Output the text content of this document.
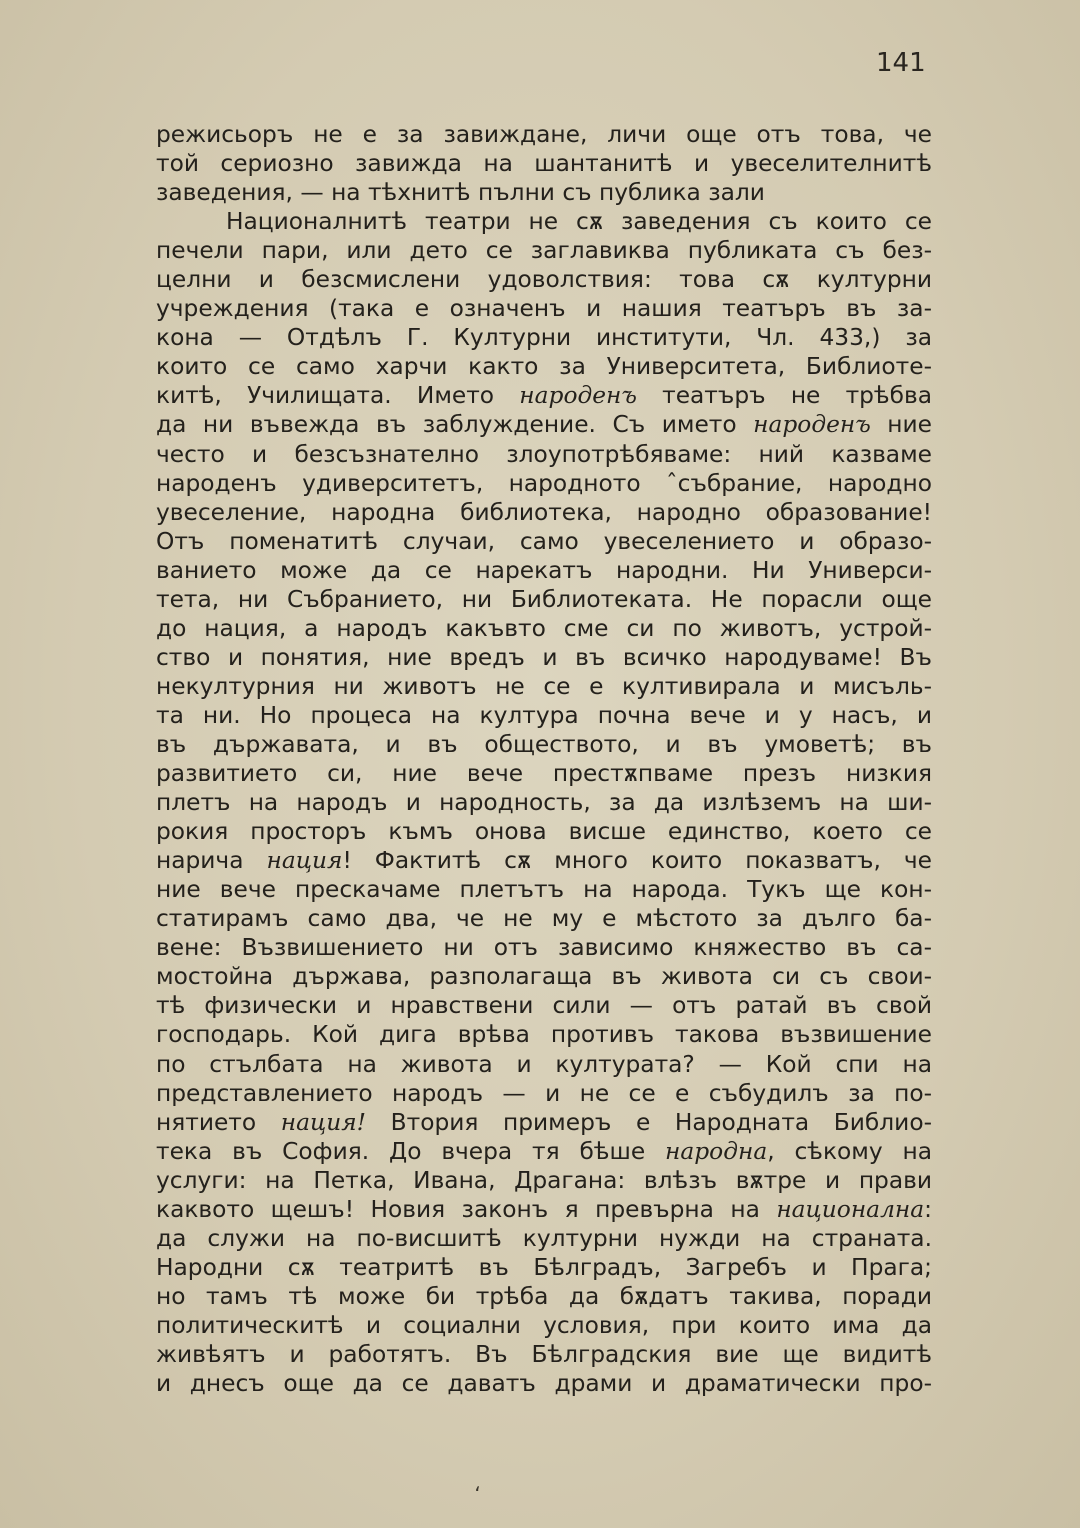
141
режисьоръ не е за завиждане, личи още отъ това, че
той сериозно завижда на шантанитѣ и увеселителнитѣ
заведения, — на тѣхнитѣ пълни съ публика зали
Националнитѣ театри не сѫ заведения съ които се
печели пари, или дето се заглавиква публиката съ без-
целни и безсмислени удоволствия: това сѫ културни
учреждения (така е означенъ и нашия театъръ въ за-
кона — Отдѣлъ Г. Културни институти, Чл. 433,) за
които се само харчи както за Университета, Библиоте-
китѣ, Училищата. Името народенъ театъръ не трѣбва
да ни въвежда въ заблуждение. Съ името народенъ ние
често и безсъзнателно злоупотрѣбяваме: ний казваме
народенъ удиверситетъ, народното ˆсъбрание, народно
увеселение, народна библиотека, народно образование!
Отъ поменатитѣ случаи, само увеселението и образо-
ванието може да се нарекатъ народни. Ни Универси-
тета, ни Събранието, ни Библиотеката. Не порасли още
до нация, а народъ какъвто сме си по животъ, устрой-
ство и понятия, ние вредъ и въ всичко народуваме! Въ
некултурния ни животъ не се е култивирала и мисъль-
та ни. Но процеса на култура почна вече и у насъ, и
въ държавата, и въ обществото, и въ умоветѣ; въ
развитието си, ние вече престѫпваме презъ низкия
плетъ на народъ и народность, за да излѣземъ на ши-
рокия просторъ къмъ онова висше единство, което се
нарича нация! Фактитѣ сѫ много които показватъ, че
ние вече прескачаме плетътъ на народа. Тукъ ще кон-
статирамъ само два, че не му е мѣстото за дълго ба-
вене: Възвишението ни отъ зависимо княжество въ са-
мостойна държава, разполагаща въ живота си съ свои-
тѣ физически и нравствени сили — отъ ратай въ свой
господарь. Кой дига врѣва противъ такова възвишение
по стълбата на живота и културата? — Кой спи на
представлението народъ — и не се е събудилъ за по-
нятието нация! Втория примеръ е Народната Библио-
тека въ София. До вчера тя бѣше народна, сѣкому на
услуги: на Петка, Ивана, Драгана: влѣзъ вѫтре и прави
каквото щешъ! Новия законъ я превърна на национална:
да служи на по-висшитѣ културни нужди на страната.
Народни сѫ театритѣ въ Бѣлградъ, Загребъ и Прага;
но тамъ тѣ може би трѣба да бѫдатъ такива, поради
политическитѣ и социални условия, при които има да
живѣятъ и работятъ. Въ Бѣлградския вие ще видитѣ
и днесъ още да се даватъ драми и драматически про-
،
